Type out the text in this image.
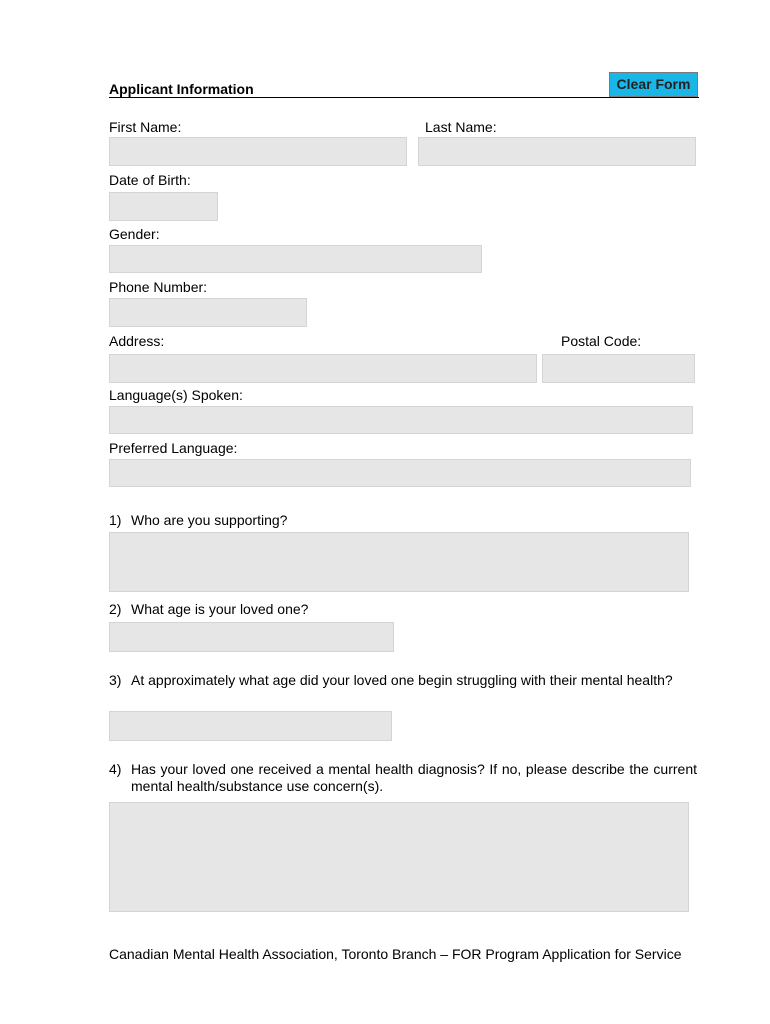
Applicant Information	Clear Form
First Name:	Last Name:
Date of Birth:
Gender:
Phone Number:
Address:	Postal Code:
Language(s) Spoken:
Preferred Language:
1) Who are you supporting?
2) What age is your loved one?
3) At approximately what age did your loved one begin struggling with their mental health?
4) Has your loved one received a mental health diagnosis? If no, please describe the current mental health/substance use concern(s).
Canadian Mental Health Association, Toronto Branch – FOR Program Application for Service
